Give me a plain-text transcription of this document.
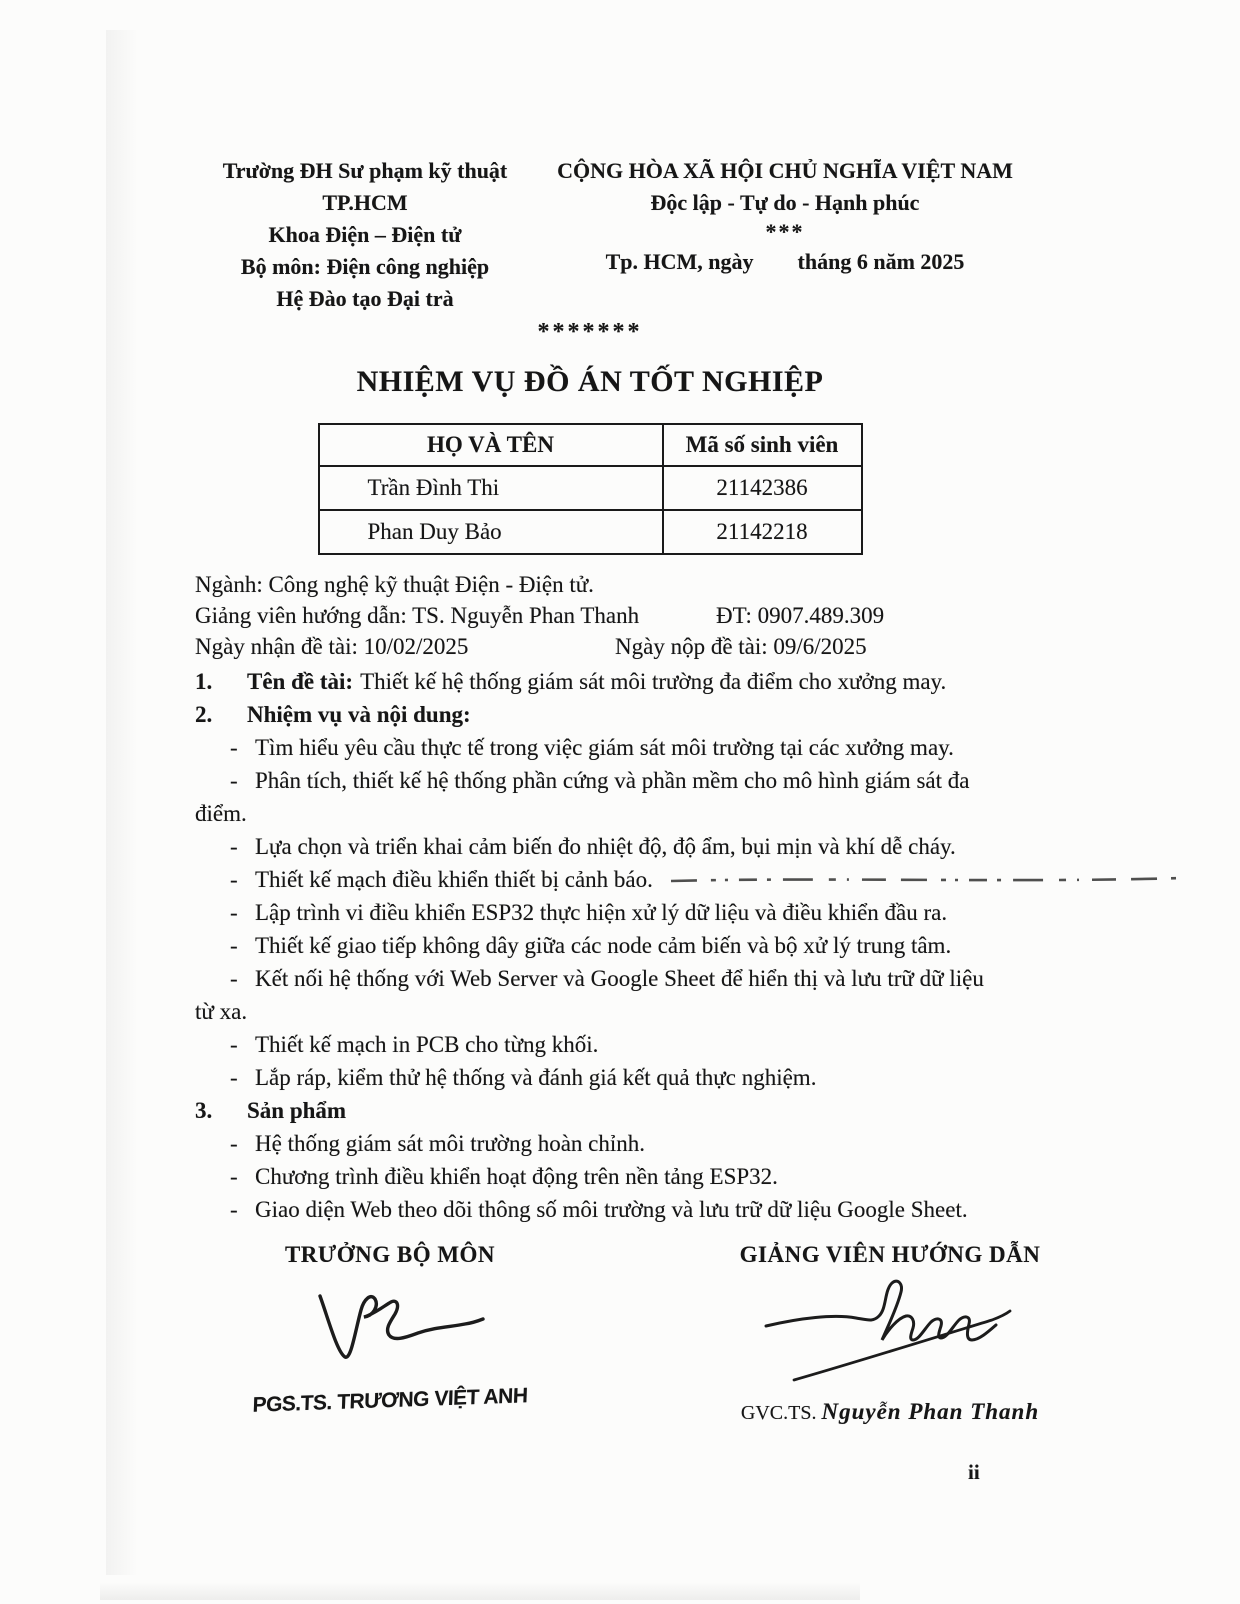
Trường ĐH Sư phạm kỹ thuật TP.HCM
Khoa Điện – Điện tử
Bộ môn: Điện công nghiệp
Hệ Đào tạo Đại trà
CỘNG HÒA XÃ HỘI CHỦ NGHĨA VIỆT NAM
Độc lập - Tự do - Hạnh phúc
***
Tp. HCM, ngày tháng 6 năm 2025
*******
NHIỆM VỤ ĐỒ ÁN TỐT NGHIỆP
HỌ VÀ TÊN	Mã số sinh viên
Trần Đình Thi	21142386
Phan Duy Bảo	21142218
Ngành: Công nghệ kỹ thuật Điện - Điện tử.
Giảng viên hướng dẫn: TS. Nguyễn Phan Thanh	ĐT: 0907.489.309
Ngày nhận đề tài: 10/02/2025	Ngày nộp đề tài: 09/6/2025
1. Tên đề tài: Thiết kế hệ thống giám sát môi trường đa điểm cho xưởng may.
2. Nhiệm vụ và nội dung:
- Tìm hiểu yêu cầu thực tế trong việc giám sát môi trường tại các xưởng may.
- Phân tích, thiết kế hệ thống phần cứng và phần mềm cho mô hình giám sát đa
điểm.
- Lựa chọn và triển khai cảm biến đo nhiệt độ, độ ẩm, bụi mịn và khí dễ cháy.
- Thiết kế mạch điều khiển thiết bị cảnh báo.
- Lập trình vi điều khiển ESP32 thực hiện xử lý dữ liệu và điều khiển đầu ra.
- Thiết kế giao tiếp không dây giữa các node cảm biến và bộ xử lý trung tâm.
- Kết nối hệ thống với Web Server và Google Sheet để hiển thị và lưu trữ dữ liệu
từ xa.
- Thiết kế mạch in PCB cho từng khối.
- Lắp ráp, kiểm thử hệ thống và đánh giá kết quả thực nghiệm.
3. Sản phẩm
- Hệ thống giám sát môi trường hoàn chỉnh.
- Chương trình điều khiển hoạt động trên nền tảng ESP32.
- Giao diện Web theo dõi thông số môi trường và lưu trữ dữ liệu Google Sheet.
TRƯỞNG BỘ MÔN
PGS.TS. TRƯƠNG VIỆT ANH
GIẢNG VIÊN HƯỚNG DẪN
GVC.TS. Nguyễn Phan Thanh
ii
